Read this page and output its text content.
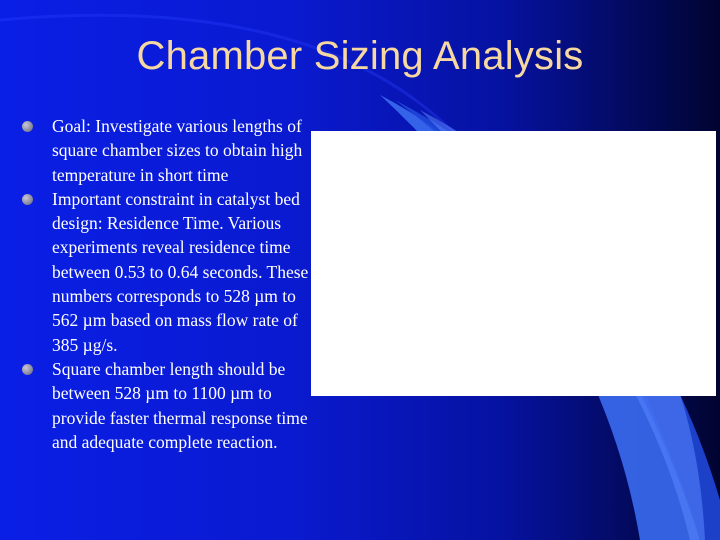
Chamber Sizing Analysis
Goal: Investigate various lengths of square chamber sizes to obtain high temperature in short time
Important constraint in catalyst bed design: Residence Time. Various experiments reveal residence time between 0.53 to 0.64 seconds. These numbers corresponds to 528 µm to 562 µm based on mass flow rate of 385 µg/s.
Square chamber length should be between 528 µm to 1100 µm to provide faster thermal response time and adequate complete reaction.
